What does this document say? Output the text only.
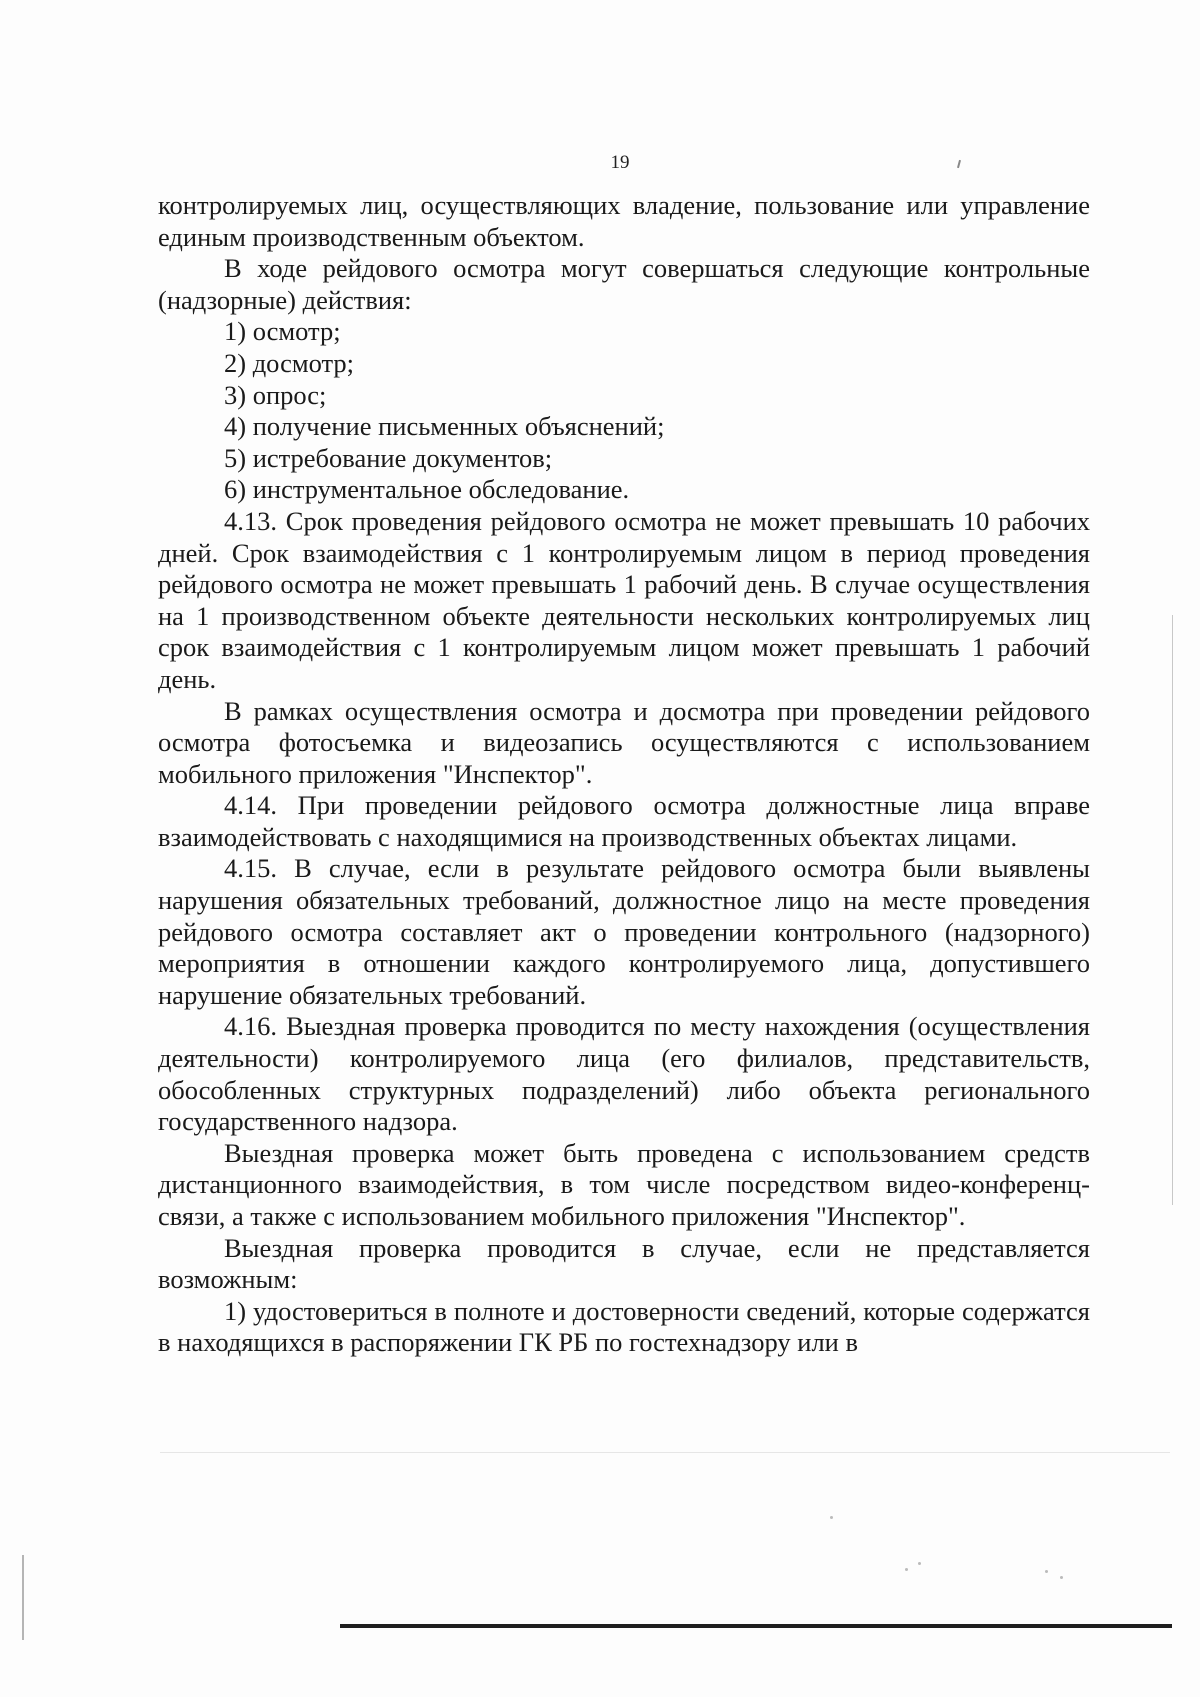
19

контролируемых лиц, осуществляющих владение, пользование или управление единым производственным объектом.

В ходе рейдового осмотра могут совершаться следующие контрольные (надзорные) действия:

1) осмотр;

2) досмотр;

3) опрос;

4) получение письменных объяснений;

5) истребование документов;

6) инструментальное обследование.

4.13. Срок проведения рейдового осмотра не может превышать 10 рабочих дней. Срок взаимодействия с 1 контролируемым лицом в период проведения рейдового осмотра не может превышать 1 рабочий день. В случае осуществления на 1 производственном объекте деятельности нескольких контролируемых лиц срок взаимодействия с 1 контролируемым лицом может превышать 1 рабочий день.

В рамках осуществления осмотра и досмотра при проведении рейдового осмотра фотосъемка и видеозапись осуществляются с использованием мобильного приложения "Инспектор".

4.14. При проведении рейдового осмотра должностные лица вправе взаимодействовать с находящимися на производственных объектах лицами.

4.15. В случае, если в результате рейдового осмотра были выявлены нарушения обязательных требований, должностное лицо на месте проведения рейдового осмотра составляет акт о проведении контрольного (надзорного) мероприятия в отношении каждого контролируемого лица, допустившего нарушение обязательных требований.

4.16. Выездная проверка проводится по месту нахождения (осуществления деятельности) контролируемого лица (его филиалов, представительств, обособленных структурных подразделений) либо объекта регионального государственного надзора.

Выездная проверка может быть проведена с использованием средств дистанционного взаимодействия, в том числе посредством видео-конференц-связи, а также с использованием мобильного приложения "Инспектор".

Выездная проверка проводится в случае, если не представляется возможным:

1) удостовериться в полноте и достоверности сведений, которые содержатся в находящихся в распоряжении ГК РБ по гостехнадзору или в
